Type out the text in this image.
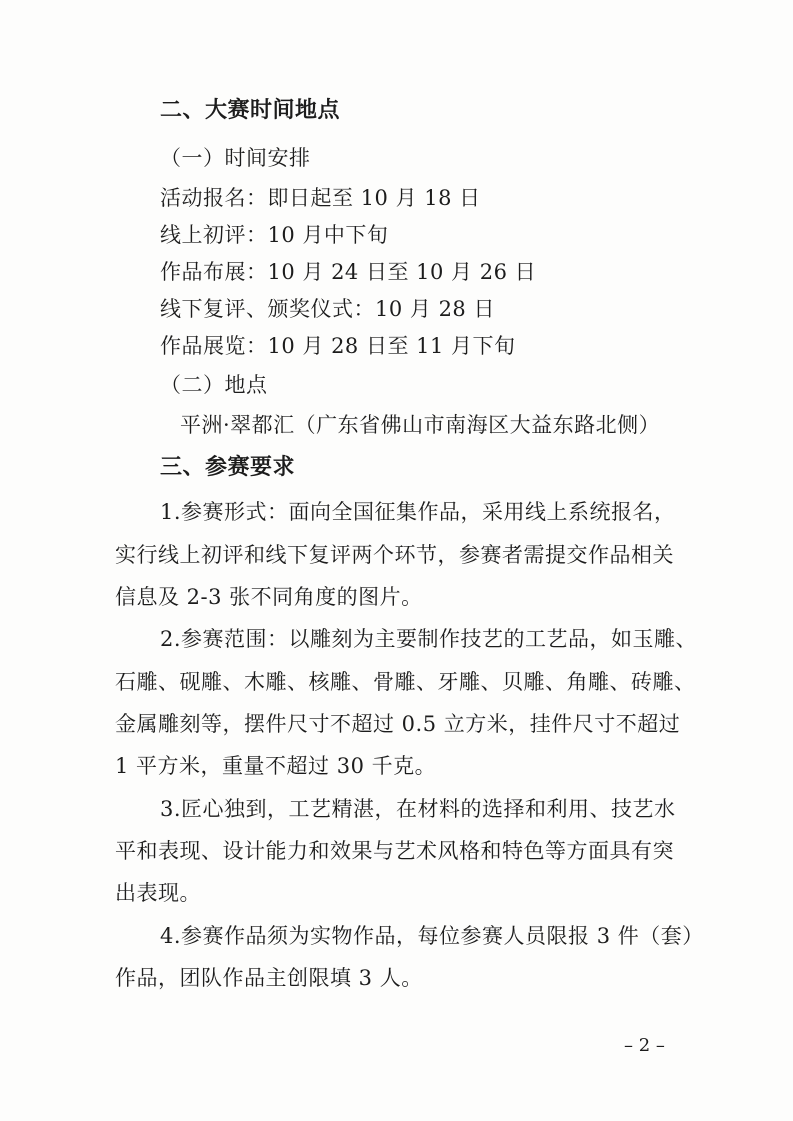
二、大赛时间地点
（一）时间安排
活动报名：即日起至 10 月 18 日
线上初评：10 月中下旬
作品布展：10 月 24 日至 10 月 26 日
线下复评、颁奖仪式：10 月 28 日
作品展览：10 月 28 日至 11 月下旬
（二）地点
平洲·翠都汇（广东省佛山市南海区大益东路北侧）
三、参赛要求
1.参赛形式：面向全国征集作品，采用线上系统报名，
实行线上初评和线下复评两个环节，参赛者需提交作品相关
信息及 2-3 张不同角度的图片。
2.参赛范围：以雕刻为主要制作技艺的工艺品，如玉雕、
石雕、砚雕、木雕、核雕、骨雕、牙雕、贝雕、角雕、砖雕、
金属雕刻等，摆件尺寸不超过 0.5 立方米，挂件尺寸不超过
1 平方米，重量不超过 30 千克。
3.匠心独到，工艺精湛，在材料的选择和利用、技艺水
平和表现、设计能力和效果与艺术风格和特色等方面具有突
出表现。
4.参赛作品须为实物作品，每位参赛人员限报 3 件（套）
作品，团队作品主创限填 3 人。
– 2 –
